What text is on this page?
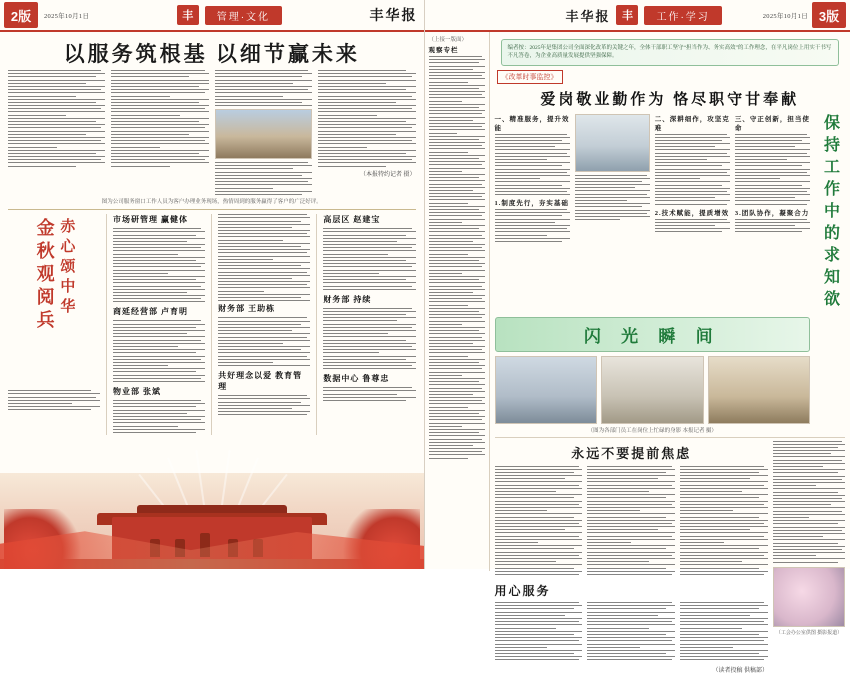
2版	2025年10月1日	丰	管理·文化	丰华报
以服务筑根基 以细节赢未来
（本报特约记者 摄）
图为公司服务窗口工作人员为客户办理业务现场，热情周到的服务赢得了客户的广泛好评。
金秋观阅兵 赤心颂中华	市场研管理 赢健体
商延经营部 卢育明
物业部 张斌
财务部 王助栋
共好理念以爱 教育管理
高层区 赵建宝
财务部 持续
数据中心 鲁尊忠
丰华报	丰	工作·学习	2025年10月1日 3版
（上接一版面）
观察专栏	编者按：2025年是集团公司全面深化改革的关键之年，全体干部职工坚守“担当作为、务实高效”的工作理念，在平凡岗位上用实干书写不凡答卷，为企业高质量发展提供坚强保障。
《改革时事监控》
爱岗敬业勤作为 恪尽职守甘奉献
一、精准服务，提升效能
1.制度先行，夯实基础
二、深耕细作，攻坚克难
2.技术赋能，提质增效
三、守正创新，担当使命
3.团队协作，凝聚合力 保持工作中的求知欲
闪 光 瞬 间
（图为各部门员工在岗位上忙碌的身影 本报记者 摄）
永远不要提前焦虑
用心服务
（读者投稿 供稿部）
（工会办公室供图 摄影报道）
